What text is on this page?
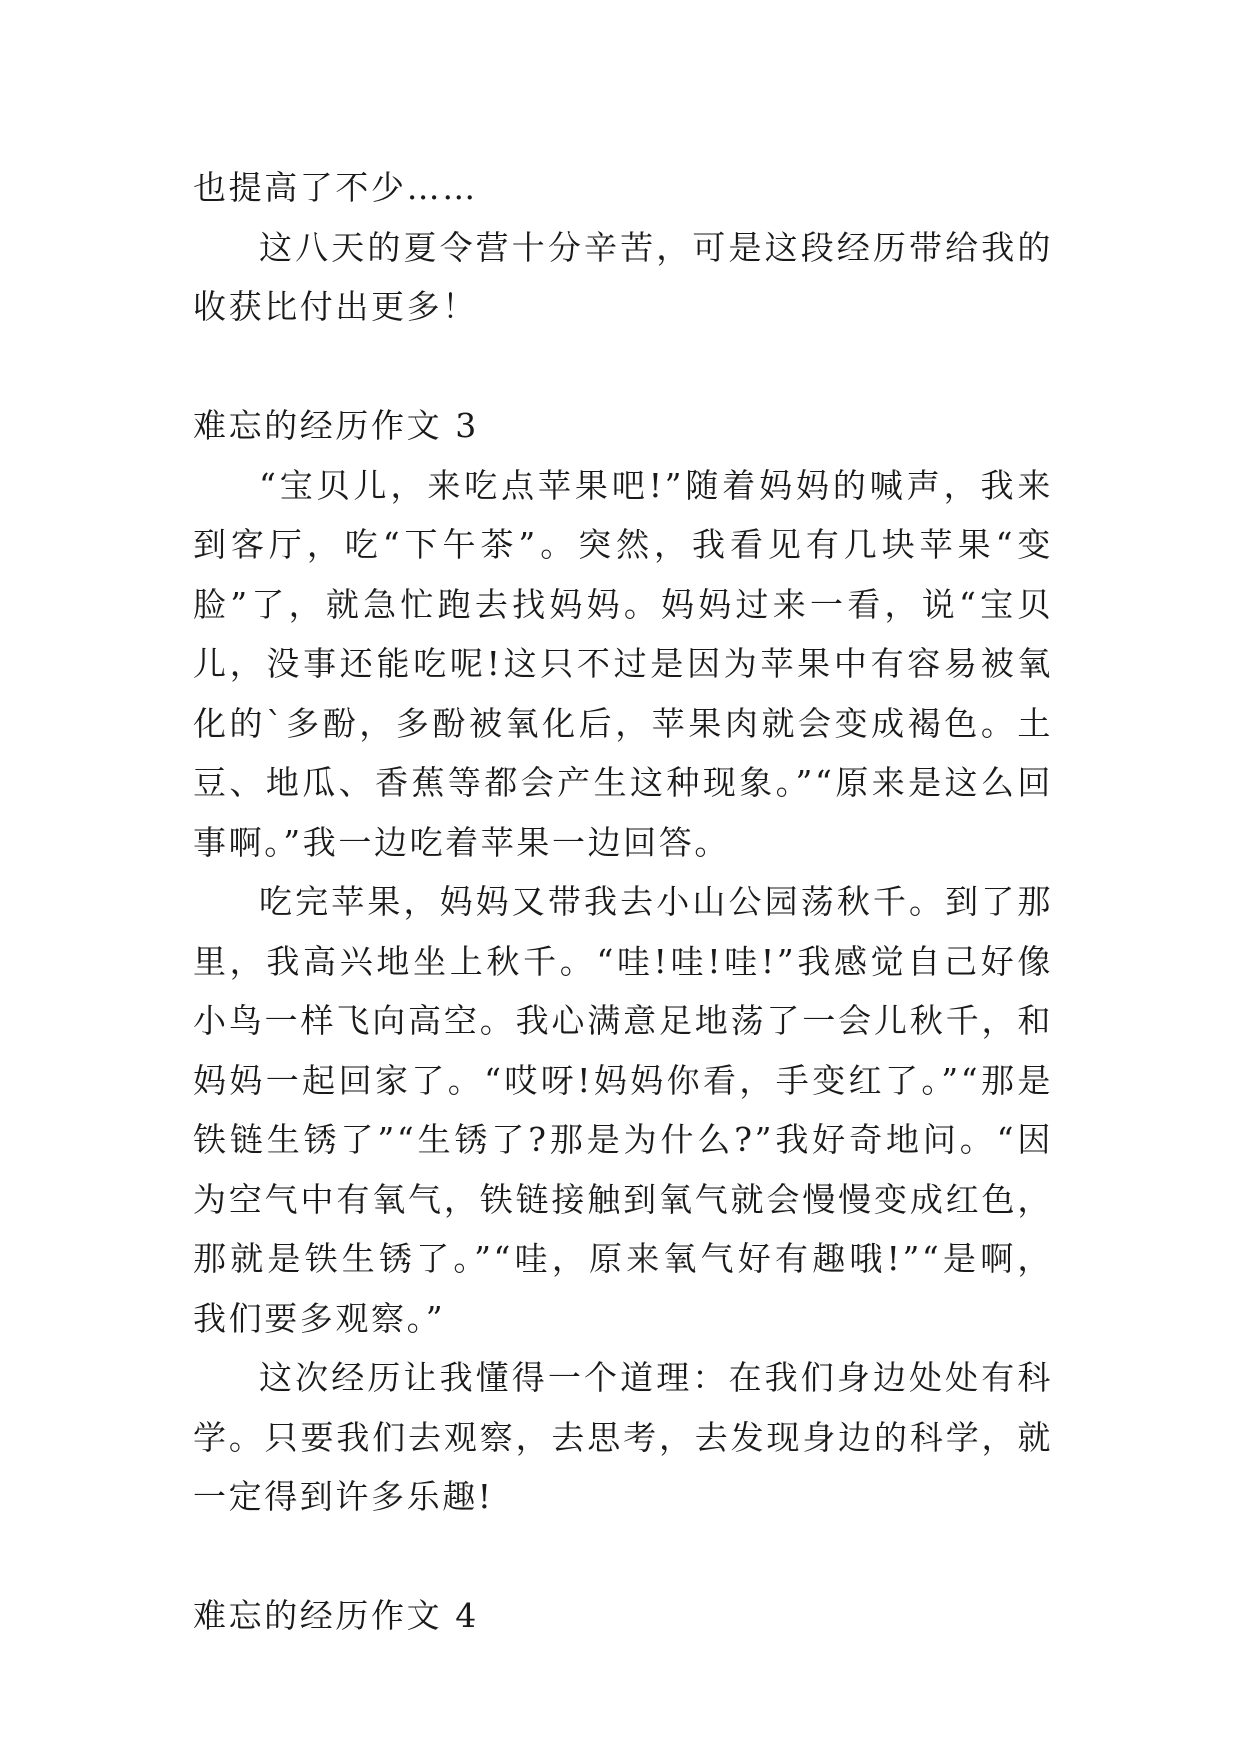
也提高了不少……

这八天的夏令营十分辛苦，可是这段经历带给我的收获比付出更多！

难忘的经历作文 3

“宝贝儿，来吃点苹果吧!”随着妈妈的喊声，我来到客厅，吃“下午茶”。突然，我看见有几块苹果“变脸”了，就急忙跑去找妈妈。妈妈过来一看，说“宝贝儿，没事还能吃呢!这只不过是因为苹果中有容易被氧化的`多酚，多酚被氧化后，苹果肉就会变成褐色。土豆、地瓜、香蕉等都会产生这种现象。”“原来是这么回事啊。”我一边吃着苹果一边回答。

吃完苹果，妈妈又带我去小山公园荡秋千。到了那里，我高兴地坐上秋千。“哇!哇!哇!”我感觉自己好像小鸟一样飞向高空。我心满意足地荡了一会儿秋千，和妈妈一起回家了。“哎呀!妈妈你看，手变红了。”“那是铁链生锈了”“生锈了?那是为什么?”我好奇地问。“因为空气中有氧气，铁链接触到氧气就会慢慢变成红色，那就是铁生锈了。”“哇，原来氧气好有趣哦!”“是啊，我们要多观察。”

这次经历让我懂得一个道理：在我们身边处处有科学。只要我们去观察，去思考，去发现身边的科学，就一定得到许多乐趣!

难忘的经历作文 4
